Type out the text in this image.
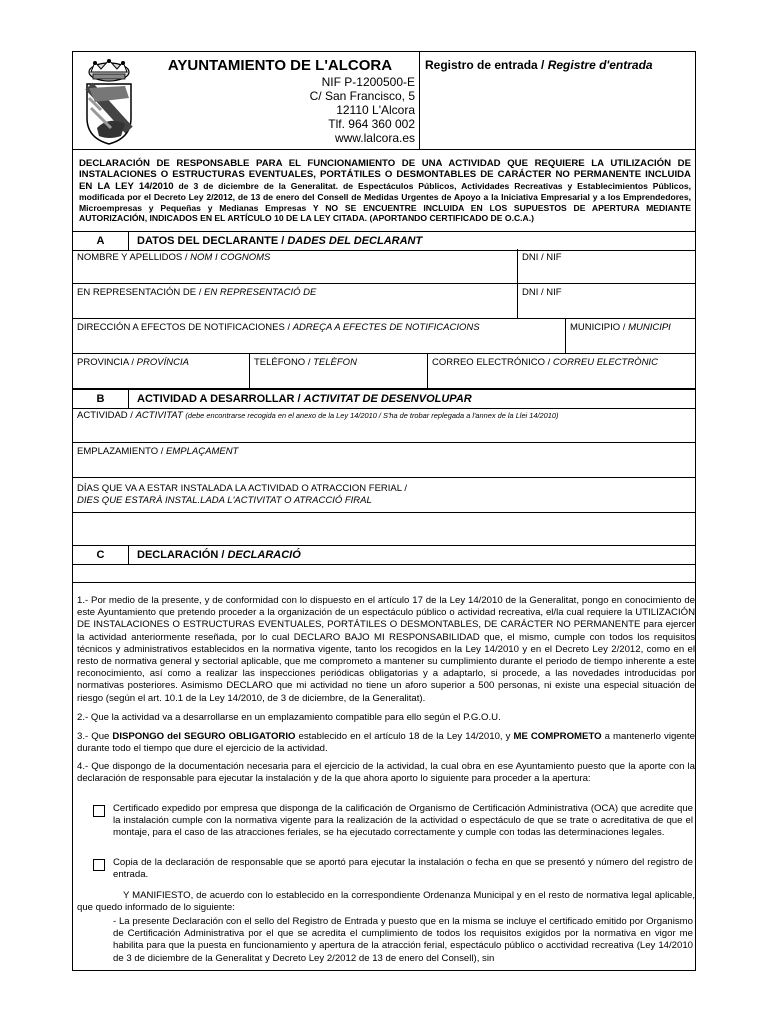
AYUNTAMIENTO DE L'ALCORA
NIF P-1200500-E
C/ San Francisco, 5
12110 L'Alcora
Tlf. 964 360 002
www.lalcora.es
Registro de entrada / Registre d'entrada
DECLARACIÓN DE RESPONSABLE PARA EL FUNCIONAMIENTO DE UNA ACTIVIDAD QUE REQUIERE LA UTILIZACIÓN DE INSTALACIONES O ESTRUCTURAS EVENTUALES, PORTÁTILES O DESMONTABLES DE CARÁCTER NO PERMANENTE INCLUIDA EN LA LEY 14/2010 de 3 de diciembre de la Generalitat. de Espectáculos Públicos, Actividades Recreativas y Establecimientos Públicos, modificada por el Decreto Ley 2/2012, de 13 de enero del Consell de Medidas Urgentes de Apoyo a la Iniciativa Empresarial y a los Emprendedores, Microempresas y Pequeñas y Medianas Empresas Y NO SE ENCUENTRE INCLUIDA EN LOS SUPUESTOS DE APERTURA MEDIANTE AUTORIZACIÓN, INDICADOS EN EL ARTÍCULO 10 DE LA LEY CITADA. (APORTANDO CERTIFICADO DE O.C.A.)
A	DATOS DEL DECLARANTE / DADES DEL DECLARANT
NOMBRE Y APELLIDOS / NOM I COGNOMS	DNI / NIF
EN REPRESENTACIÓN DE / EN REPRESENTACIÓ DE	DNI / NIF
DIRECCIÓN A EFECTOS DE NOTIFICACIONES / ADREÇA A EFECTES DE NOTIFICACIONS	MUNICIPIO / MUNICIPI
PROVINCIA / PROVÍNCIA	TELÉFONO / TELÈFON	CORREO ELECTRÓNICO / CORREU ELECTRÒNIC
B	ACTIVIDAD A DESARROLLAR / ACTIVITAT DE DESENVOLUPAR
ACTIVIDAD / ACTIVITAT (debe encontrarse recogida en el anexo de la Ley 14/2010 / S'ha de trobar replegada a l'annex de la Llei 14/2010)
EMPLAZAMIENTO / EMPLAÇAMENT
DÍAS QUE VA A ESTAR INSTALADA LA ACTIVIDAD O ATRACCION FERIAL /
DIES QUE ESTARÀ INSTAL.LADA L'ACTIVITAT O ATRACCIÓ FIRAL
C	DECLARACIÓN / DECLARACIÓ
1.- Por medio de la presente, y de conformidad con lo dispuesto en el artículo 17 de la Ley 14/2010 de la Generalitat, pongo en conocimiento de este Ayuntamiento que pretendo proceder a la organización de un espectáculo público o actividad recreativa, el/la cual requiere la UTILIZACIÓN DE INSTALACIONES O ESTRUCTURAS EVENTUALES, PORTÁTILES O DESMONTABLES, DE CARÁCTER NO PERMANENTE para ejercer la actividad anteriormente reseñada, por lo cual DECLARO BAJO MI RESPONSABILIDAD que, el mismo, cumple con todos los requisitos técnicos y administrativos establecidos en la normativa vigente, tanto los recogidos en la Ley 14/2010 y en el Decreto Ley 2/2012, como en el resto de normativa general y sectorial aplicable, que me comprometo a mantener su cumplimiento durante el periodo de tiempo inherente a este reconocimiento, así como a realizar las inspecciones periódicas obligatorias y a adaptarlo, si procede, a las novedades introducidas por normativas posteriores. Asimismo DECLARO que mi actividad no tiene un aforo superior a 500 personas, ni existe una especial situación de riesgo (según el art. 10.1 de la Ley 14/2010, de 3 de diciembre, de la Generalitat).
2.- Que la actividad va a desarrollarse en un emplazamiento compatible para ello según el P.G.O.U.
3.- Que DISPONGO del SEGURO OBLIGATORIO establecido en el artículo 18 de la Ley 14/2010, y ME COMPROMETO a mantenerlo vigente durante todo el tiempo que dure el ejercicio de la actividad.
4.- Que dispongo de la documentación necesaria para el ejercicio de la actividad, la cual obra en ese Ayuntamiento puesto que la aporte con la declaración de responsable para ejecutar la instalación y de la que ahora aporto lo siguiente para proceder a la apertura:
Certificado expedido por empresa que disponga de la calificación de Organismo de Certificación Administrativa (OCA) que acredite que la instalación cumple con la normativa vigente para la realización de la actividad o espectáculo de que se trate o acreditativa de que el montaje, para el caso de las atracciones feriales, se ha ejecutado correctamente y cumple con todas las determinaciones legales.
Copia de la declaración de responsable que se aportó para ejecutar la instalación o fecha en que se presentó y número del registro de entrada.
Y MANIFIESTO, de acuerdo con lo establecido en la correspondiente Ordenanza Municipal y en el resto de normativa legal aplicable, que quedo informado de lo siguiente:
- La presente Declaración con el sello del Registro de Entrada y puesto que en la misma se incluye el certificado emitido por Organismo de Certificación Administrativa por el que se acredita el cumplimiento de todos los requisitos exigidos por la normativa en vigor me habilita para que la puesta en funcionamiento y apertura de la atracción ferial, espectáculo público o acctividad recreativa (Ley 14/2010 de 3 de diciembre de la Generalitat y Decreto Ley 2/2012 de 13 de enero del Consell), sin
